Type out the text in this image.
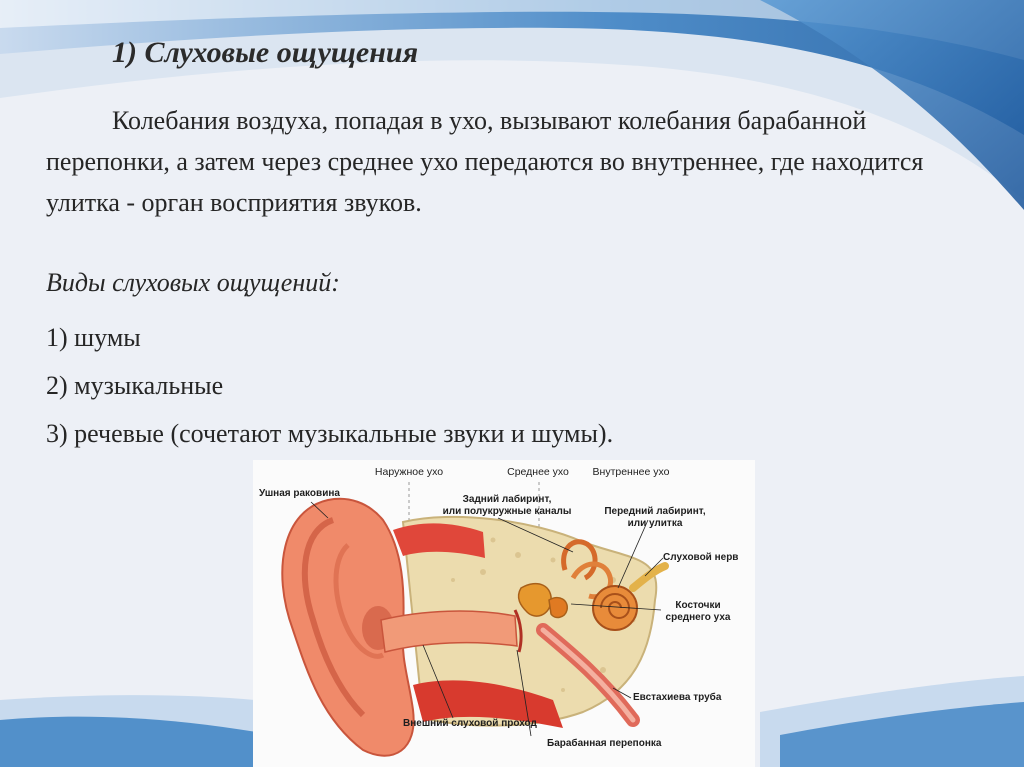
1) Слуховые ощущения

Колебания воздуха, попадая в ухо, вызывают колебания барабанной перепонки, а затем через среднее ухо передаются во внутреннее, где находится улитка - орган восприятия звуков.

Виды слуховых ощущений:

1) шумы
2) музыкальные
3) речевые (сочетают музыкальные звуки и шумы).
Наружное ухо	Среднее ухо	Внутреннее ухо
Ушная раковина
Задний лабиринт,
или полукружные каналы	Передний лабиринт,
или улитка
Слуховой нерв
Косточки
среднего уха
Внешний слуховой проход
Евстахиева труба
Барабанная перепонка
